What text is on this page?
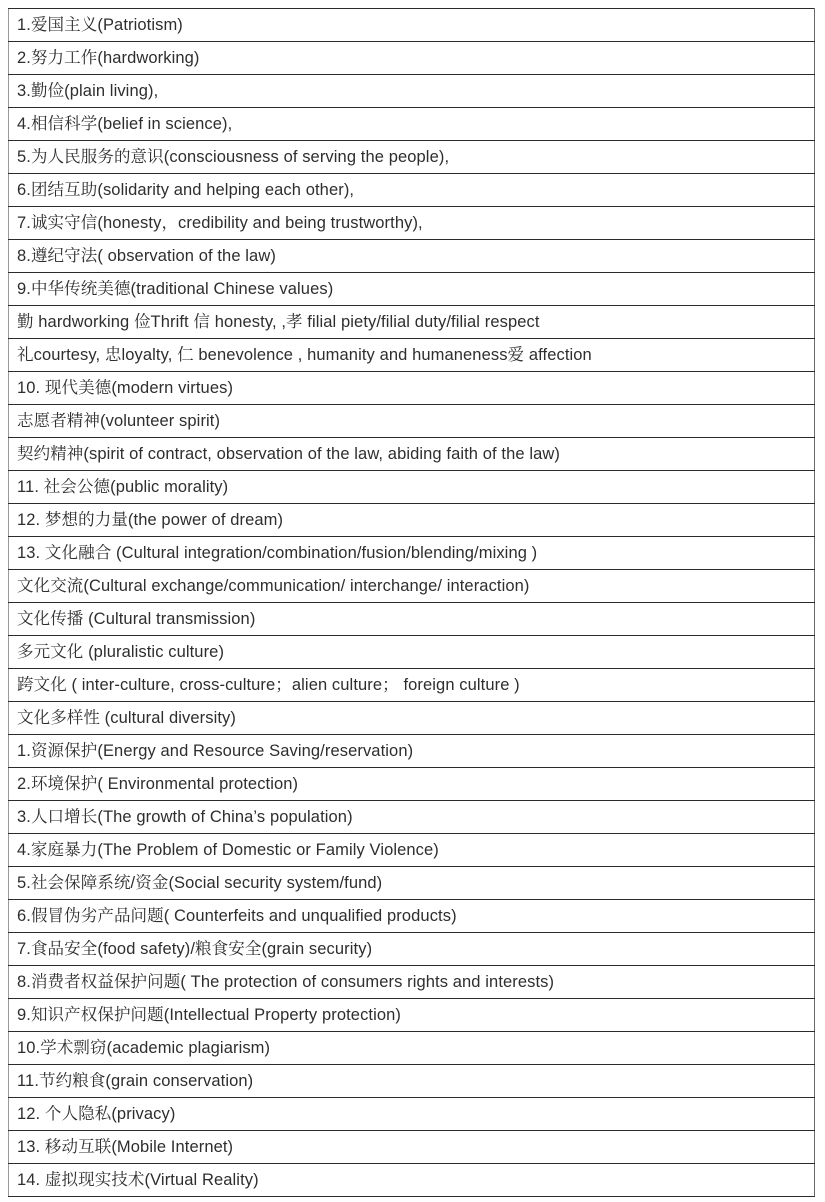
1.爱国主义(Patriotism)
2.努力工作(hardworking)
3.勤俭(plain living),
4.相信科学(belief in science),
5.为人民服务的意识(consciousness of serving the people),
6.团结互助(solidarity and helping each other),
7.诚实守信(honesty，credibility and being trustworthy),
8.遵纪守法( observation of the law)
9.中华传统美德(traditional Chinese values)
勤 hardworking 俭Thrift 信 honesty, ,孝 filial piety/filial duty/filial respect
礼courtesy, 忠loyalty, 仁 benevolence , humanity and humaneness爱 affection
10. 现代美德(modern virtues)
志愿者精神(volunteer spirit)
契约精神(spirit of contract, observation of the law, abiding faith of the law)
11. 社会公德(public morality)
12. 梦想的力量(the power of dream)
13. 文化融合 (Cultural integration/combination/fusion/blending/mixing )
文化交流(Cultural exchange/communication/ interchange/ interaction)
文化传播 (Cultural transmission)
多元文化 (pluralistic culture)
跨文化 ( inter-culture, cross-culture；alien culture； foreign culture )
文化多样性 (cultural diversity)
1.资源保护(Energy and Resource Saving/reservation)
2.环境保护( Environmental protection)
3.人口增长(The growth of China’s population)
4.家庭暴力(The Problem of Domestic or Family Violence)
5.社会保障系统/资金(Social security system/fund)
6.假冒伪劣产品问题( Counterfeits and unqualified products)
7.食品安全(food safety)/粮食安全(grain security)
8.消费者权益保护问题( The protection of consumers rights and interests)
9.知识产权保护问题(Intellectual Property protection)
10.学术剽窃(academic plagiarism)
11.节约粮食(grain conservation)
12. 个人隐私(privacy)
13. 移动互联(Mobile Internet)
14. 虚拟现实技术(Virtual Reality)
